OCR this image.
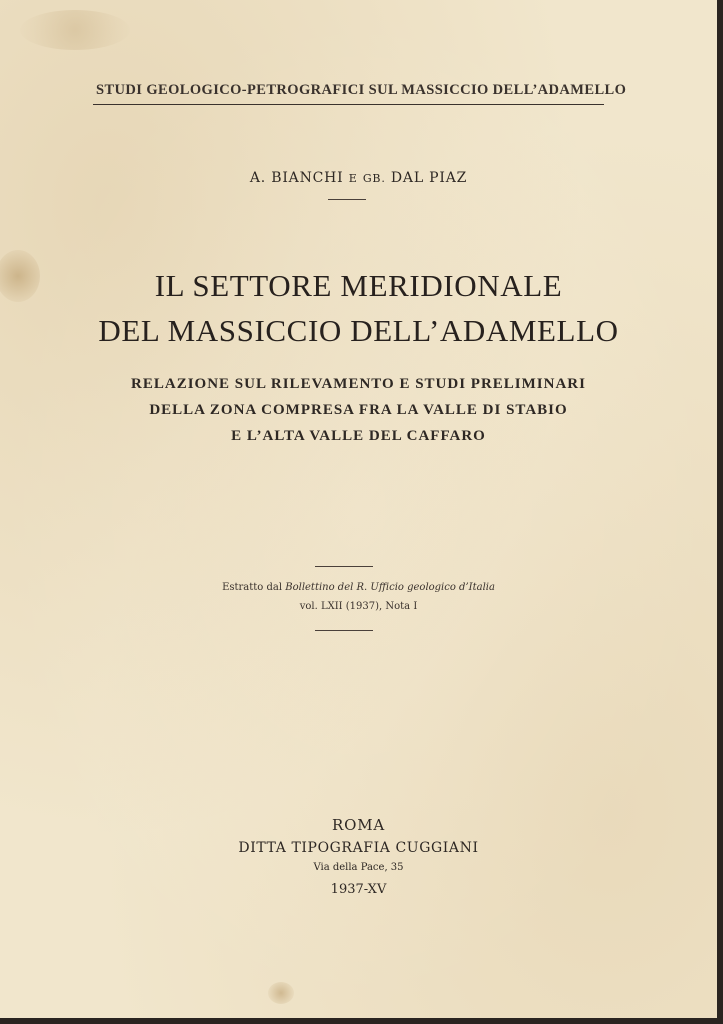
STUDI GEOLOGICO-PETROGRAFICI SUL MASSICCIO DELL’ADAMELLO
A. BIANCHI E GB. DAL PIAZ
IL SETTORE MERIDIONALE
DEL MASSICCIO DELL’ADAMELLO
RELAZIONE SUL RILEVAMENTO E STUDI PRELIMINARI
DELLA ZONA COMPRESA FRA LA VALLE DI STABIO
E L’ALTA VALLE DEL CAFFARO
Estratto dal Bollettino del R. Ufficio geologico d’Italia
vol. LXII (1937), Nota I
ROMA
DITTA TIPOGRAFIA CUGGIANI
Via della Pace, 35
1937-XV
